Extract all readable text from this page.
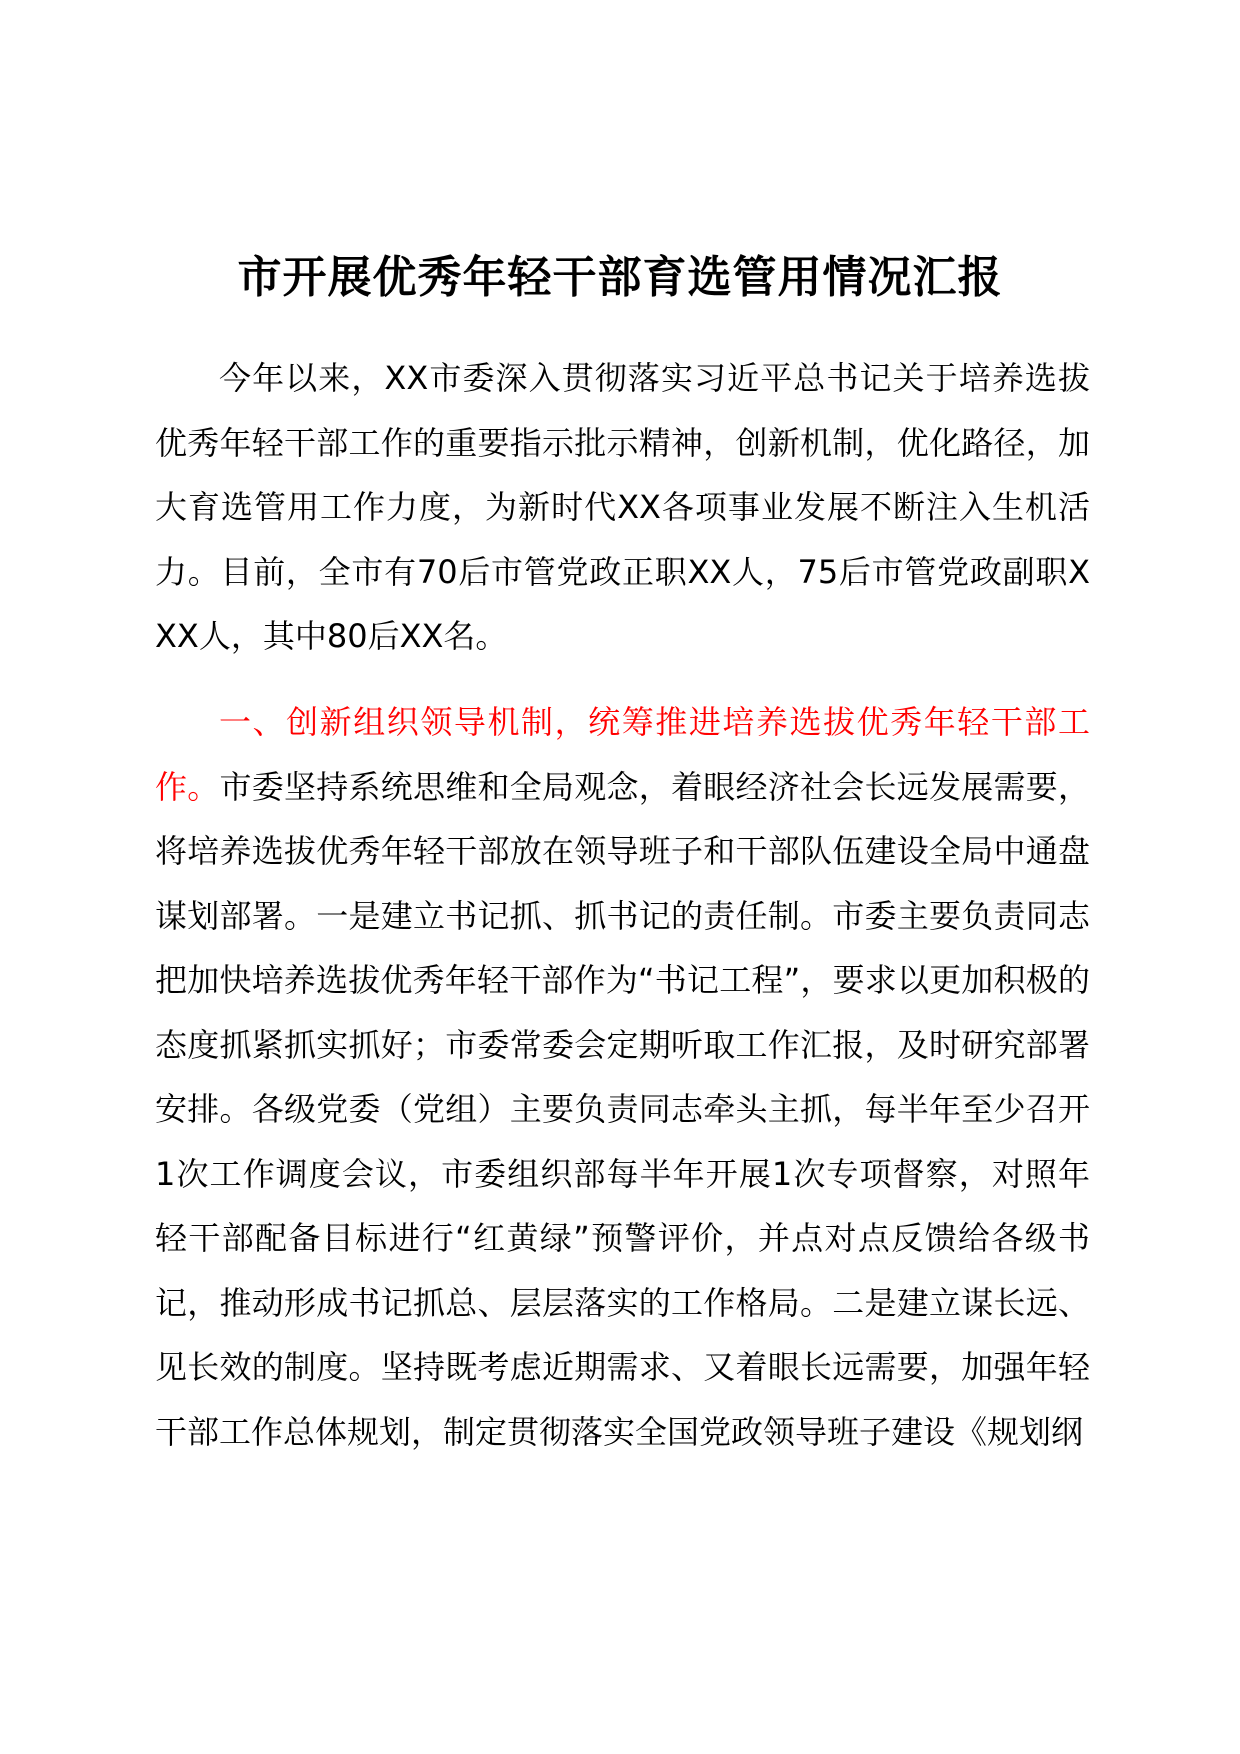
市开展优秀年轻干部育选管用情况汇报

今年以来，XX市委深入贯彻落实习近平总书记关于培养选拔优秀年轻干部工作的重要指示批示精神，创新机制，优化路径，加大育选管用工作力度，为新时代XX各项事业发展不断注入生机活力。目前，全市有70后市管党政正职XX人，75后市管党政副职XXX人，其中80后XX名。

一、创新组织领导机制，统筹推进培养选拔优秀年轻干部工作。市委坚持系统思维和全局观念，着眼经济社会长远发展需要，将培养选拔优秀年轻干部放在领导班子和干部队伍建设全局中通盘谋划部署。一是建立书记抓、抓书记的责任制。市委主要负责同志把加快培养选拔优秀年轻干部作为“书记工程”，要求以更加积极的态度抓紧抓实抓好；市委常委会定期听取工作汇报，及时研究部署安排。各级党委（党组）主要负责同志牵头主抓，每半年至少召开1次工作调度会议，市委组织部每半年开展1次专项督察，对照年轻干部配备目标进行“红黄绿”预警评价，并点对点反馈给各级书记，推动形成书记抓总、层层落实的工作格局。二是建立谋长远、见长效的制度。坚持既考虑近期需求、又着眼长远需要，加强年轻干部工作总体规划，制定贯彻落实全国党政领导班子建设《规划纲
